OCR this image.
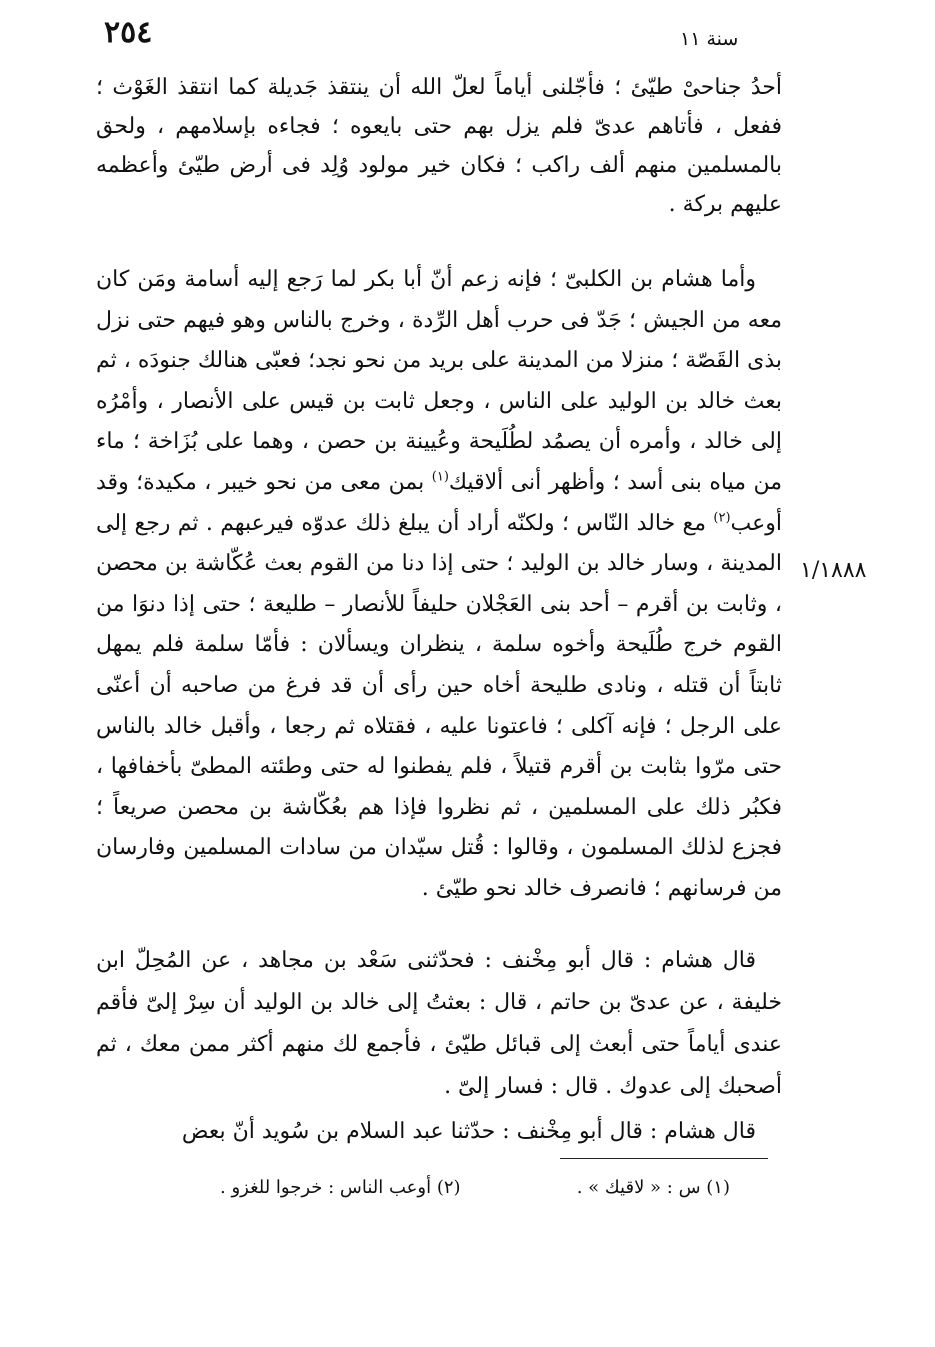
٢٥٤	سنة ١١

أحدُ جناحىْ طيّئ ؛ فأجّلنى أياماً لعلّ الله أن ينتقذ جَديلة كما انتقذ الغَوْث ؛ ففعل ، فأتاهم عدىّ فلم يزل بهم حتى بايعوه ؛ فجاءه بإسلامهم ، ولحق بالمسلمين منهم ألف راكب ؛ فكان خير مولود وُلِد فى أرض طيّئ وأعظمه عليهم بركة .

وأما هشام بن الكلبىّ ؛ فإنه زعم أنّ أبا بكر لما رَجع إليه أسامة ومَن كان معه من الجيش ؛ جَدّ فى حرب أهل الرِّدة ، وخرج بالناس وهو فيهم حتى نزل بذى القَصّة ؛ منزلا من المدينة على بريد من نحو نجد؛ فعبّى هنالك جنودَه ، ثم بعث خالد بن الوليد على الناس ، وجعل ثابت بن قيس على الأنصار ، وأمْرُه إلى خالد ، وأمره أن يصمُد لطُلَيحة وعُيينة بن حصن ، وهما على بُزَاخة ؛ ماء من مياه بنى أسد ؛ وأظهر أنى ألاقيك$^{(١)}$ بمن معى من نحو خيبر ، مكيدة؛ وقد أوعب$^{(٢)}$ مع خالد النّاس ؛ ولكنّه أراد أن يبلغ ذلك عدوّه فيرعبهم . ثم رجع إلى المدينة ، وسار خالد بن الوليد ؛ حتى إذا دنا من القوم بعث عُكّاشة بن محصن ، وثابت بن أقرم – أحد بنى العَجْلان حليفاً للأنصار – طليعة ؛ حتى إذا دنوَا من القوم خرج طُلَيحة وأخوه سلمة ، ينظران ويسألان : فأمّا سلمة فلم يمهل ثابتاً أن قتله ، ونادى طليحة أخاه حين رأى أن قد فرغ من صاحبه أن أعنّى على الرجل ؛ فإنه آكلى ؛ فاعتونا عليه ، فقتلاه ثم رجعا ، وأقبل خالد بالناس حتى مرّوا بثابت بن أقرم قتيلاً ، فلم يفطنوا له حتى وطئته المطىّ بأخفافها ، فكبُر ذلك على المسلمين ، ثم نظروا فإذا هم بعُكّاشة بن محصن صريعاً ؛ فجزع لذلك المسلمون ، وقالوا : قُتل سيّدان من سادات المسلمين وفارسان من فرسانهم ؛ فانصرف خالد نحو طيّئ .

١/١٨٨٨

قال هشام : قال أبو مِخْنف : فحدّثنى سَعْد بن مجاهد ، عن المُحِلّ ابن خليفة ، عن عدىّ بن حاتم ، قال : بعثتُ إلى خالد بن الوليد أن سِرْ إلىّ فأقم عندى أياماً حتى أبعث إلى قبائل طيّئ ، فأجمع لك منهم أكثر ممن معك ، ثم أصحبك إلى عدوك . قال : فسار إلىّ .

قال هشام : قال أبو مِخْنف : حدّثنا عبد السلام بن سُويد أنّ بعض

(١) س : « لاقيك » .
(٢) أوعب الناس : خرجوا للغزو .
